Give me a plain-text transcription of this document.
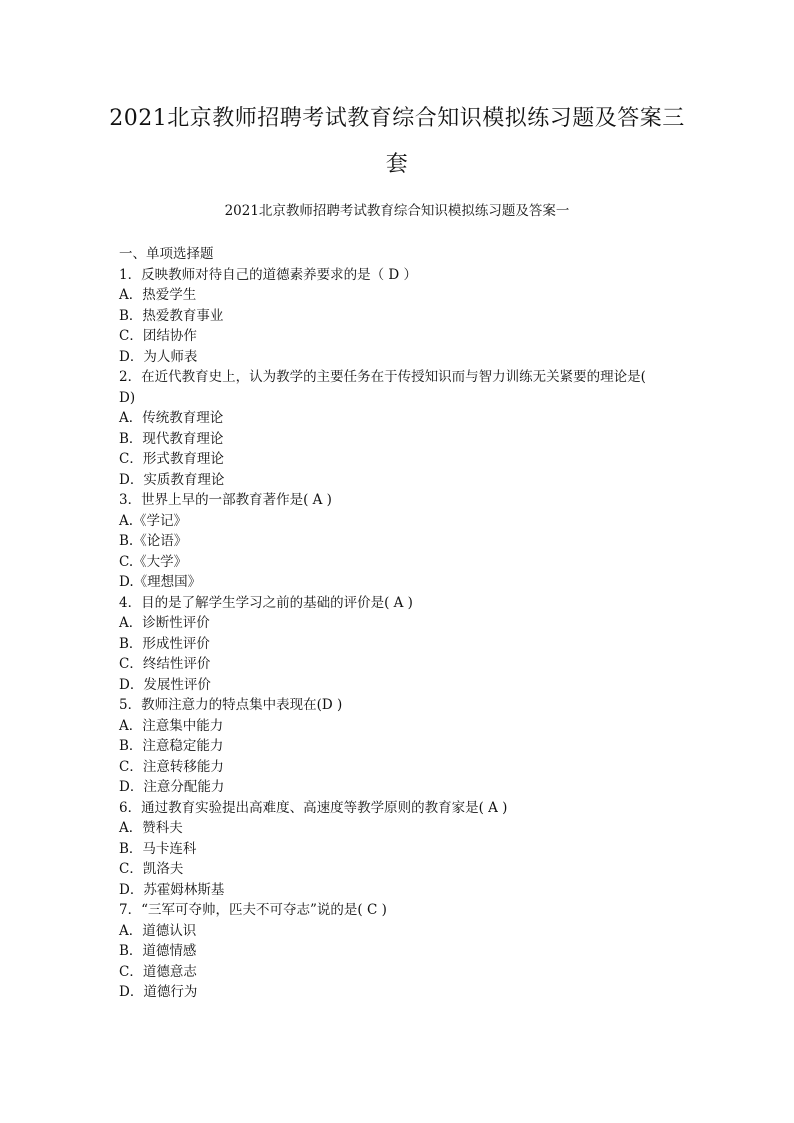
2021北京教师招聘考试教育综合知识模拟练习题及答案三
套
2021北京教师招聘考试教育综合知识模拟练习题及答案一
一、单项选择题
1．反映教师对待自己的道德素养要求的是（ D ）
A．热爱学生
B．热爱教育事业
C．团结协作
D．为人师表
2．在近代教育史上，认为教学的主要任务在于传授知识而与智力训练无关紧要的理论是(
D)
A．传统教育理论
B．现代教育理论
C．形式教育理论
D．实质教育理论
3．世界上早的一部教育著作是( A )
A.《学记》
B.《论语》
C.《大学》
D.《理想国》
4．目的是了解学生学习之前的基础的评价是( A )
A．诊断性评价
B．形成性评价
C．终结性评价
D．发展性评价
5．教师注意力的特点集中表现在(D )
A．注意集中能力
B．注意稳定能力
C．注意转移能力
D．注意分配能力
6．通过教育实验提出高难度、高速度等教学原则的教育家是( A )
A．赞科夫
B．马卡连科
C．凯洛夫
D．苏霍姆林斯基
7．“三军可夺帅，匹夫不可夺志”说的是( C )
A．道德认识
B．道德情感
C．道德意志
D．道德行为
